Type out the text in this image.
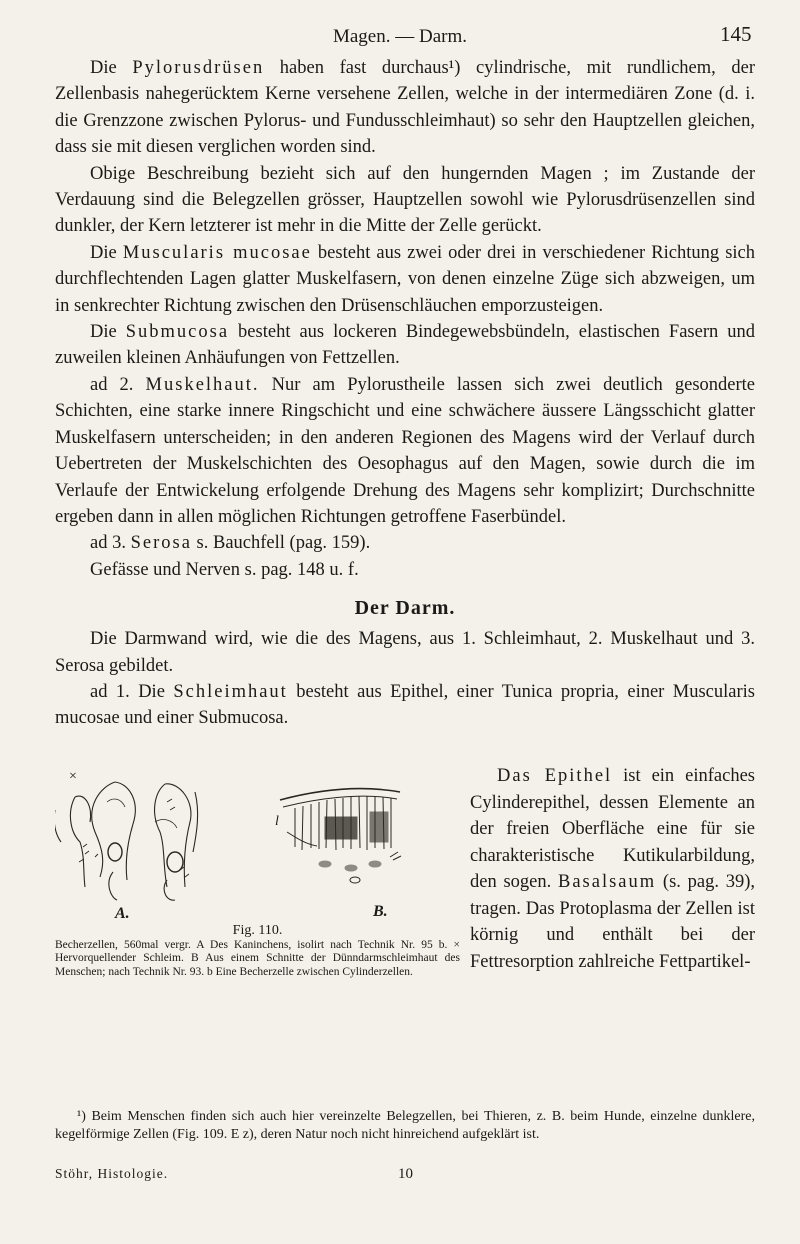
Magen. — Darm.	145

Die Pylorusdrüsen haben fast durchaus¹) cylindrische, mit rundlichem, der Zellenbasis nahegerücktem Kerne versehene Zellen, welche in der intermediären Zone (d. i. die Grenzzone zwischen Pylorus- und Fundusschleimhaut) so sehr den Hauptzellen gleichen, dass sie mit diesen verglichen worden sind.

Obige Beschreibung bezieht sich auf den hungernden Magen ; im Zustande der Verdauung sind die Belegzellen grösser, Hauptzellen sowohl wie Pylorusdrüsenzellen sind dunkler, der Kern letzterer ist mehr in die Mitte der Zelle gerückt.

Die Muscularis mucosae besteht aus zwei oder drei in verschiedener Richtung sich durchflechtenden Lagen glatter Muskelfasern, von denen einzelne Züge sich abzweigen, um in senkrechter Richtung zwischen den Drüsenschläuchen emporzusteigen.

Die Submucosa besteht aus lockeren Bindegewebsbündeln, elastischen Fasern und zuweilen kleinen Anhäufungen von Fettzellen.

ad 2. Muskelhaut. Nur am Pylorustheile lassen sich zwei deutlich gesonderte Schichten, eine starke innere Ringschicht und eine schwächere äussere Längsschicht glatter Muskelfasern unterscheiden; in den anderen Regionen des Magens wird der Verlauf durch Uebertreten der Muskelschichten des Oesophagus auf den Magen, sowie durch die im Verlaufe der Entwickelung erfolgende Drehung des Magens sehr komplizirt; Durchschnitte ergeben dann in allen möglichen Richtungen getroffene Faserbündel.

ad 3. Serosa s. Bauchfell (pag. 159).

Gefässe und Nerven s. pag. 148 u. f.

Der Darm.

Die Darmwand wird, wie die des Magens, aus 1. Schleimhaut, 2. Muskelhaut und 3. Serosa gebildet.

ad 1. Die Schleimhaut besteht aus Epithel, einer Tunica propria, einer Muscularis mucosae und einer Submucosa.

×
l
A.	B.
Fig. 110.
Becherzellen, 560mal vergr. A Des Kaninchens, isolirt nach Technik Nr. 95 b. × Hervorquellender Schleim. B Aus einem Schnitte der Dünndarmschleimhaut des Menschen; nach Technik Nr. 93. b Eine Becherzelle zwischen Cylinderzellen.

Das Epithel ist ein einfaches Cylinderepithel, dessen Elemente an der freien Oberfläche eine für sie charakteristische Kutikularbildung, den sogen. Basalsaum (s. pag. 39), tragen. Das Protoplasma der Zellen ist körnig und enthält bei der Fettresorption zahlreiche Fettpartikel-

¹) Beim Menschen finden sich auch hier vereinzelte Belegzellen, bei Thieren, z. B. beim Hunde, einzelne dunklere, kegelförmige Zellen (Fig. 109. E z), deren Natur noch nicht hinreichend aufgeklärt ist.

Stöhr, Histologie.	10
